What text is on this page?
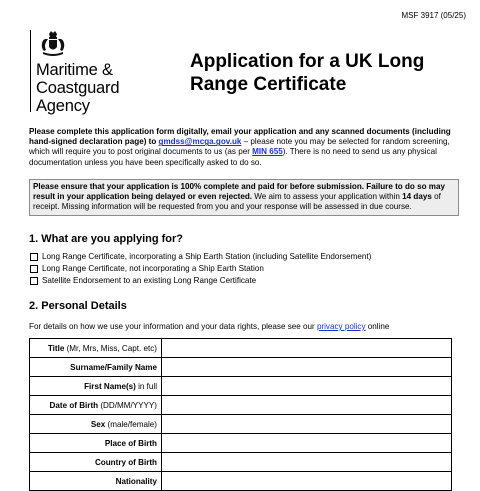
MSF 3917 (05/25)
Maritime &
Coastguard
Agency
Application for a UK Long
Range Certificate
Please complete this application form digitally, email your application and any scanned documents (including hand-signed declaration page) to gmdss@mcga.gov.uk – please note you may be selected for random screening, which will require you to post original documents to us (as per MIN 655). There is no need to send us any physical documentation unless you have been specifically asked to do so.
Please ensure that your application is 100% complete and paid for before submission. Failure to do so may result in your application being delayed or even rejected. We aim to assess your application within 14 days of receipt. Missing information will be requested from you and your response will be assessed in due course.
1. What are you applying for?
Long Range Certificate, incorporating a Ship Earth Station (including Satellite Endorsement)
Long Range Certificate, not incorporating a Ship Earth Station
Satellite Endorsement to an existing Long Range Certificate
2. Personal Details
For details on how we use your information and your data rights, please see our privacy policy online
Title (Mr, Mrs, Miss, Capt. etc)	
Surname/Family Name	
First Name(s) in full	
Date of Birth (DD/MM/YYYY)	
Sex (male/female)	
Place of Birth	
Country of Birth	
Nationality	
